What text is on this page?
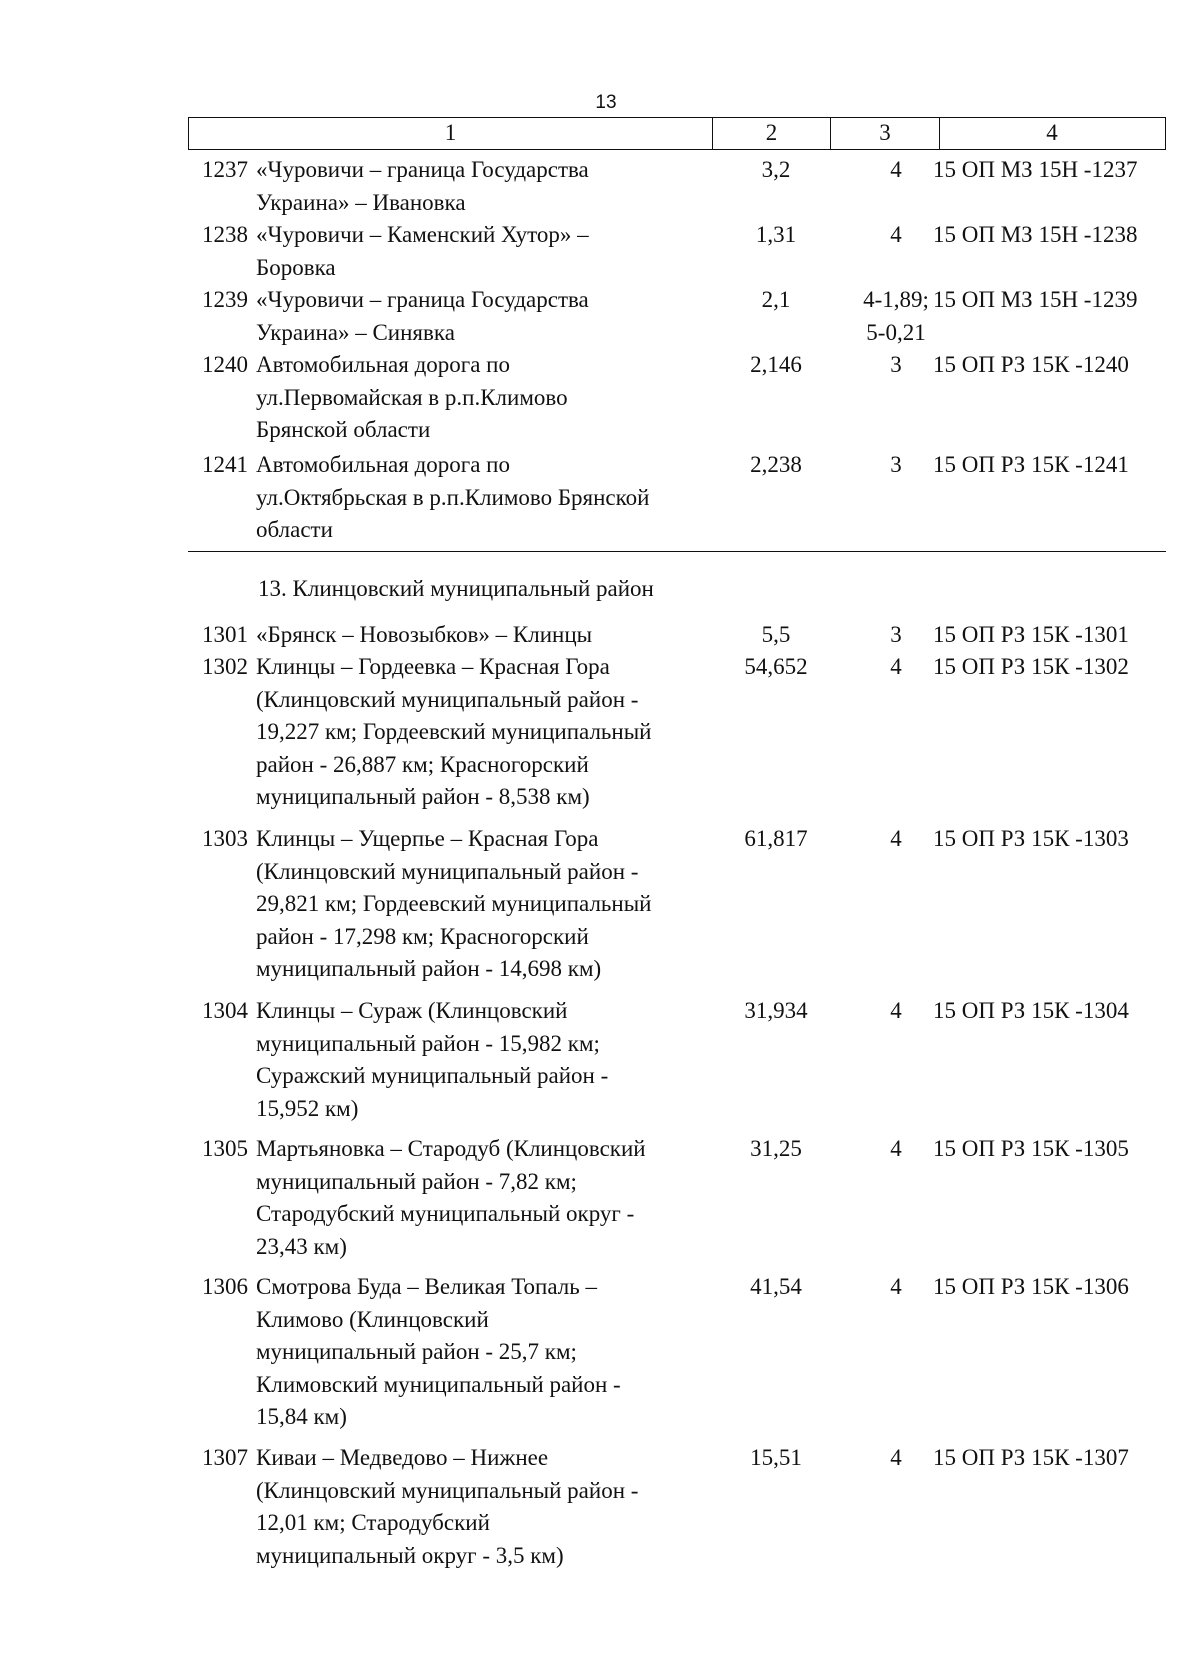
13
1	2	3	4
1237 «Чуровичи – граница Государства
Украина» – Ивановка
3,2	4	15 ОП МЗ 15Н -1237
1238 «Чуровичи – Каменский Хутор» –
Боровка
1,31	4	15 ОП МЗ 15Н -1238
1239 «Чуровичи – граница Государства
Украина» – Синявка
2,1	4-1,89;
5-0,21
15 ОП МЗ 15Н -1239
1240 Автомобильная дорога по
ул.Первомайская в р.п.Климово
Брянской области
2,146	3	15 ОП РЗ 15К -1240
1241 Автомобильная дорога по
ул.Октябрьская в р.п.Климово Брянской
области
2,238	3	15 ОП РЗ 15К -1241
13. Клинцовский муниципальный район
1301 «Брянск – Новозыбков» – Клинцы	5,5	3	15 ОП РЗ 15К -1301
1302 Клинцы – Гордеевка – Красная Гора
(Клинцовский муниципальный район -
19,227 км; Гордеевский муниципальный
район - 26,887 км; Красногорский
муниципальный район - 8,538 км)
54,652	4	15 ОП РЗ 15К -1302
1303 Клинцы – Ущерпье – Красная Гора
(Клинцовский муниципальный район -
29,821 км; Гордеевский муниципальный
район - 17,298 км; Красногорский
муниципальный район - 14,698 км)
61,817	4	15 ОП РЗ 15К -1303
1304 Клинцы – Сураж (Клинцовский
муниципальный район - 15,982 км;
Суражский муниципальный район -
15,952 км)
31,934	4	15 ОП РЗ 15К -1304
1305 Мартьяновка – Стародуб (Клинцовский
муниципальный район - 7,82 км;
Стародубский муниципальный округ -
23,43 км)
31,25	4	15 ОП РЗ 15К -1305
1306 Смотрова Буда – Великая Топаль –
Климово (Клинцовский
муниципальный район - 25,7 км;
Климовский муниципальный район -
15,84 км)
41,54	4	15 ОП РЗ 15К -1306
1307 Киваи – Медведово – Нижнее
(Клинцовский муниципальный район -
12,01 км; Стародубский
муниципальный округ - 3,5 км)
15,51	4	15 ОП РЗ 15К -1307
